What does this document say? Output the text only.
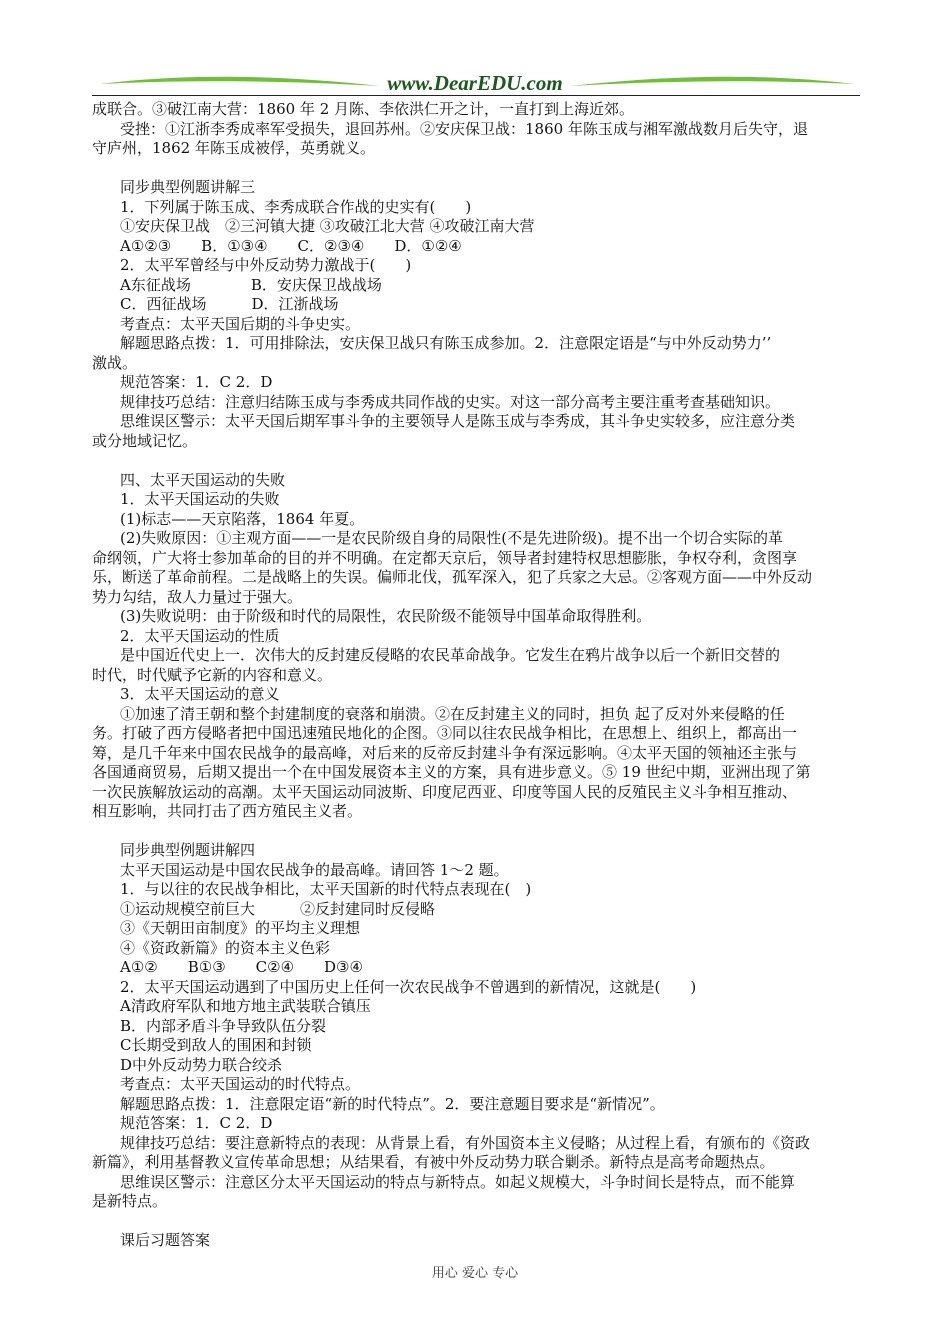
www.DearEDU.com
成联合。③破江南大营：1860 年 2 月陈、李依洪仁开之计，一直打到上海近郊。
受挫：①江浙李秀成率军受损失，退回苏州。②安庆保卫战：1860 年陈玉成与湘军激战数月后失守，退
守庐州，1862 年陈玉成被俘，英勇就义。
同步典型例题讲解三
1．下列属于陈玉成、李秀成联合作战的史实有(　　)
①安庆保卫战　②三河镇大捷 ③攻破江北大营 ④攻破江南大营
A①②③　　B．①③④　　C．②③④　　D．①②④
2．太平军曾经与中外反动势力激战于(　　)
A东征战场　　　　B．安庆保卫战战场
C．西征战场　　　D．江浙战场
考查点：太平天国后期的斗争史实。
解题思路点拨：1．可用排除法，安庆保卫战只有陈玉成参加。2．注意限定语是“与中外反动势力’’
激战。
规范答案：1．C 2．D
规律技巧总结：注意归结陈玉成与李秀成共同作战的史实。对这一部分高考主要注重考查基础知识。
思维误区警示：太平天国后期军事斗争的主要领导人是陈玉成与李秀成，其斗争史实较多，应注意分类
或分地域记忆。
四、太平天国运动的失败
1．太平天国运动的失败
(1)标志——天京陷落，1864 年夏。
(2)失败原因：①主观方面——一是农民阶级自身的局限性(不是先进阶级)。提不出一个切合实际的革
命纲领，广大将士参加革命的目的并不明确。在定都天京后，领导者封建特权思想膨胀，争权夺利，贪图享
乐，断送了革命前程。二是战略上的失误。偏师北伐，孤军深入，犯了兵家之大忌。②客观方面——中外反动
势力勾结，敌人力量过于强大。
(3)失败说明：由于阶级和时代的局限性，农民阶级不能领导中国革命取得胜利。
2．太平天国运动的性质
是中国近代史上一．次伟大的反封建反侵略的农民革命战争。它发生在鸦片战争以后一个新旧交替的
时代，时代赋予它新的内容和意义。
3．太平天国运动的意义
①加速了清王朝和整个封建制度的衰落和崩溃。②在反封建主义的同时，担负 起了反对外来侵略的任
务。打破了西方侵略者把中国迅速殖民地化的企图。③同以往农民战争相比，在思想上、组织上，都高出一
筹，是几千年来中国农民战争的最高峰，对后来的反帝反封建斗争有深远影响。④太平天国的领袖还主张与
各国通商贸易，后期又提出一个在中国发展资本主义的方案，具有进步意义。⑤ 19 世纪中期，亚洲出现了第
一次民族解放运动的高潮。太平天国运动同波斯、印度尼西亚、印度等国人民的反殖民主义斗争相互推动、
相互影响，共同打击了西方殖民主义者。
同步典型例题讲解四
太平天国运动是中国农民战争的最高峰。请回答 1～2 题。
1．与以往的农民战争相比，太平天国新的时代特点表现在(　)
①运动规模空前巨大　　　②反封建同时反侵略
③《天朝田亩制度》的平均主义理想
④《资政新篇》的资本主义色彩
A①②　　B①③　　C②④　　D③④
2．太平天国运动遇到了中国历史上任何一次农民战争不曾遇到的新情况，这就是(　　)
A清政府军队和地方地主武装联合镇压
B．内部矛盾斗争导致队伍分裂
C长期受到敌人的围困和封锁
D中外反动势力联合绞杀
考查点：太平天国运动的时代特点。
解题思路点拨：1．注意限定语“新的时代特点”。2．要注意题目要求是“新情况”。
规范答案：1．C 2．D
规律技巧总结：要注意新特点的表现：从背景上看，有外国资本主义侵略；从过程上看，有颁布的《资政
新篇》，利用基督教义宣传革命思想；从结果看，有被中外反动势力联合剿杀。新特点是高考命题热点。
思维误区警示：注意区分太平天国运动的特点与新特点。如起义规模大，斗争时间长是特点，而不能算
是新特点。
课后习题答案
用心 爱心 专心
